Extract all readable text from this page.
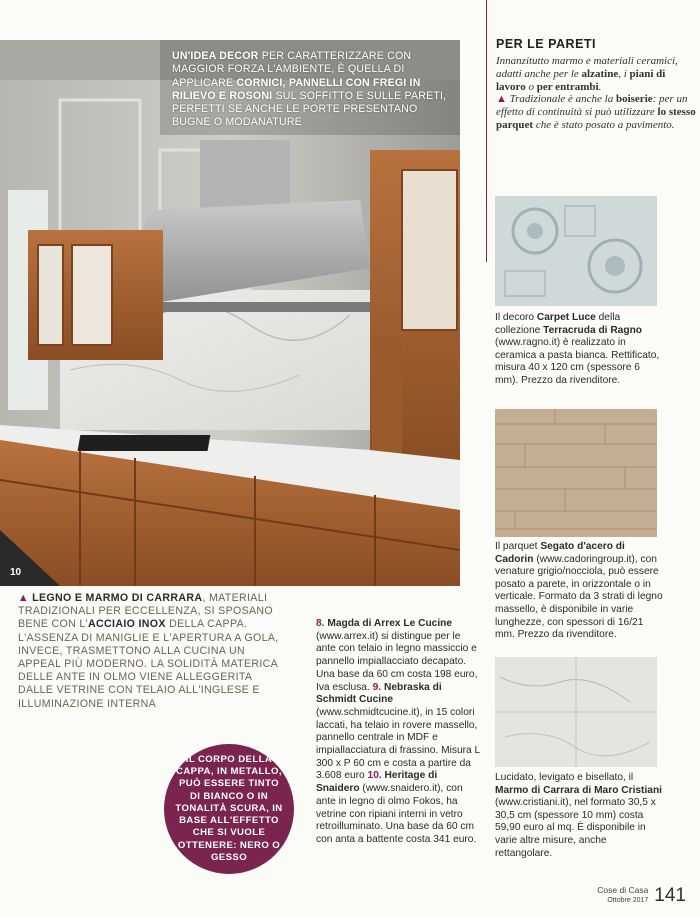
UN'IDEA DECOR PER CARATTERIZZARE CON MAGGIOR FORZA L'AMBIENTE, È QUELLA DI APPLICARE CORNICI, PANNELLI CON FREGI IN RILIEVO E ROSONI SUL SOFFITTO E SULLE PARETI, PERFETTI SE ANCHE LE PORTE PRESENTANO BUGNE O MODANATURE
10
PER LE PARETI

Innanzitutto marmo e materiali ceramici, adatti anche per le alzatine, i piani di lavoro o per entrambi.

▲ Tradizionale è anche la boiserie: per un effetto di continuità si può utilizzare lo stesso parquet che è stato posato a pavimento.

Il decoro Carpet Luce della collezione Terracruda di Ragno (www.ragno.it) è realizzato in ceramica a pasta bianca. Rettificato, misura 40 x 120 cm (spessore 6 mm). Prezzo da rivenditore.
Il parquet Segato d'acero di Cadorin (www.cadoringroup.it), con venature grigio/nocciola, può essere posato a parete, in orizzontale o in verticale. Formato da 3 strati di legno massello, è disponibile in varie lunghezze, con spessori di 16/21 mm. Prezzo da rivenditore.
Lucidato, levigato e bisellato, il Marmo di Carrara di Maro Cristiani (www.cristiani.it), nel formato 30,5 x 30,5 cm (spessore 10 mm) costa 59,90 euro al mq. È disponibile in varie altre misure, anche rettangolare.
▲ LEGNO E MARMO DI CARRARA, MATERIALI TRADIZIONALI PER ECCELLENZA, SI SPOSANO BENE CON L'ACCIAIO INOX DELLA CAPPA. L'ASSENZA DI MANIGLIE E L'APERTURA A GOLA, INVECE, TRASMETTONO ALLA CUCINA UN APPEAL PIÙ MODERNO. LA SOLIDITÀ MATERICA DELLE ANTE IN OLMO VIENE ALLEGGERITA DALLE VETRINE CON TELAIO ALL'INGLESE E ILLUMINAZIONE INTERNA
8. Magda di Arrex Le Cucine (www.arrex.it) si distingue per le ante con telaio in legno massiccio e pannello impiallacciato decapato. Una base da 60 cm costa 198 euro, Iva esclusa. 9. Nebraska di Schmidt Cucine (www.schmidtcucine.it), in 15 colori laccati, ha telaio in rovere massello, pannello centrale in MDF e impiallacciatura di frassino. Misura L 300 x P 60 cm e costa a partire da 3.608 euro 10. Heritage di Snaidero (www.snaidero.it), con ante in legno di olmo Fokos, ha vetrine con ripiani interni in vetro retroilluminato. Una base da 60 cm con anta a battente costa 341 euro.
IL CORPO DELLA CAPPA, IN METALLO, PUÒ ESSERE TINTO DI BIANCO O IN TONALITÀ SCURA, IN BASE ALL'EFFETTO CHE SI VUOLE OTTENERE: NERO O GESSO
Cose di Casa
Ottobre 2017 141
